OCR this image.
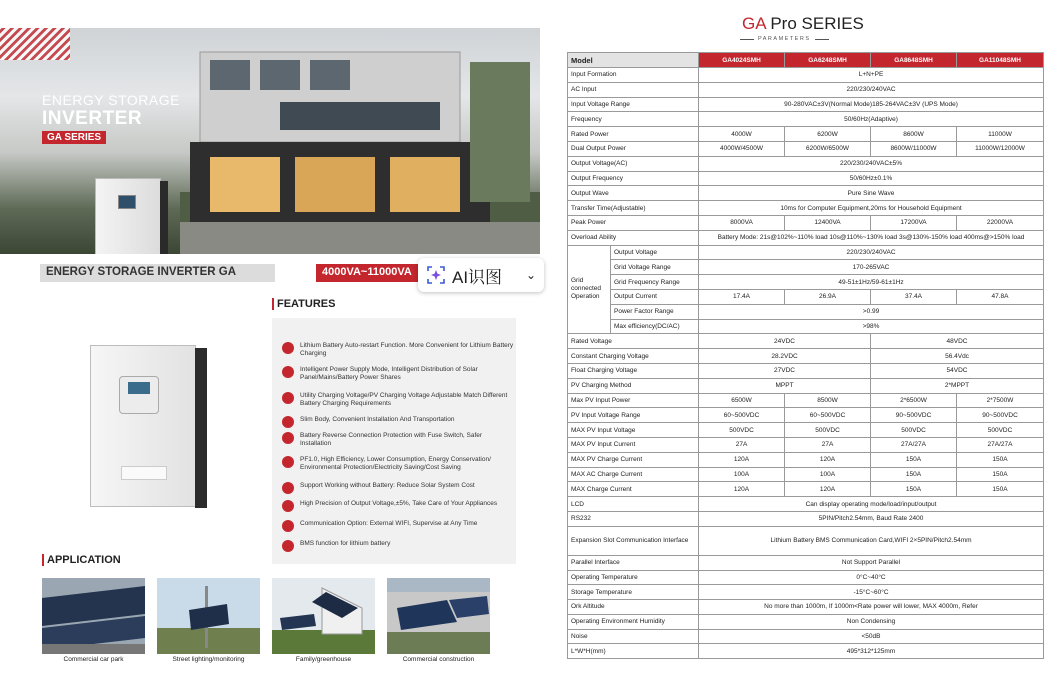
ENERGY STORAGE
INVERTER
GA SERIES
ENERGY STORAGE INVERTER GA	4000VA~11000VA	AI识图 ⌄
FEATURES
Lithium Battery Auto-restart Function. More Convenient for Lithium Battery Charging
Intelligent Power Supply Mode, Intelligent Distribution of Solar Panel/Mains/Battery Power Shares
Utility Charging Voltage/PV Charging Voltage Adjustable Match Different Battery Charging Requirements
Slim Body, Convenient Installation And Transportation
Battery Reverse Connection Protection with Fuse Switch, Safer Installation
PF1.0, High Efficiency, Lower Consumption, Energy Conservation/ Environmental Protection/Electricity Saving/Cost Saving
Support Working without Battery: Reduce Solar System Cost
High Precision of Output Voltage,±5%, Take Care of Your Appliances
Communication Option: External WIFI, Supervise at Any Time
BMS function for lithium battery
APPLICATION
Commercial car park	Street lighting/monitoring	Family/greenhouse	Commercial construction
GA Pro SERIES
PARAMETERS
Model		GA4024SMH	GA6248SMH	GA8648SMH	GA11048SMH
Input Formation		L+N+PE			
AC Input		220/230/240VAC			
Input Voltage Range		90-280VAC±3V(Normal Mode)185-264VAC±3V (UPS Mode)			
Frequency		50/60Hz(Adaptive)			
Rated Power		4000W	6200W	8600W	11000W
Dual Output Power		4000W/4500W	6200W/6500W	8600W/11000W	11000W/12000W
Output Voltage(AC)		220/230/240VAC±5%			
Output Frequency		50/60Hz±0.1%			
Output Wave		Pure Sine Wave			
Transfer Time(Adjustable)		10ms for Computer Equipment,20ms for Household Equipment			
Peak Power		8000VA	12400VA	17200VA	22000VA
Overload Ability		Battery Mode: 21s@102%~110% load 10s@110%~130% load 3s@130%-150% load 400ms@>150% load			
Grid connected Operation	Output Voltage	220/230/240VAC			
	Grid Voltage Range	170-265VAC			
	Grid Frequency Range	49-51±1Hz/59-61±1Hz			
	Output Current	17.4A	26.9A	37.4A	47.8A
	Power Factor Range	>0.99			
	Max efficiency(DC/AC)	>98%			
Rated Voltage		24VDC		48VDC	
Constant Charging Voltage		28.2VDC		56.4Vdc	
Float Charging Voltage		27VDC		54VDC	
PV Charging Method		MPPT		2*MPPT	
Max PV Input Power		6500W	8500W	2*6500W	2*7500W
PV Input Voltage Range		60~500VDC	60~500VDC	90~500VDC	90~500VDC
MAX PV Input Voltage		500VDC	500VDC	500VDC	500VDC
MAX PV Input Current		27A	27A	27A/27A	27A/27A
MAX PV Charge Current		120A	120A	150A	150A
MAX AC Charge Current		100A	100A	150A	150A
MAX Charge Current		120A	120A	150A	150A
LCD		Can display operating mode/load/input/output			
RS232		5PIN/Pitch2.54mm, Baud Rate 2400			
Expansion Slot Communication Interface		Lithium Battery BMS Communication Card,WIFI 2×5PIN/Pitch2.54mm			
Parallel Interface		Not Support Parallel			
Operating Temperature		0°C~40°C			
Storage Temperature		-15°C~60°C			
Ork Altitude		No more than 1000m, If 1000m<Rate power will lower, MAX 4000m, Refer			
Operating Environment Humidity		Non Condensing			
Noise		<50dB			
L*W*H(mm)		495*312*125mm			
